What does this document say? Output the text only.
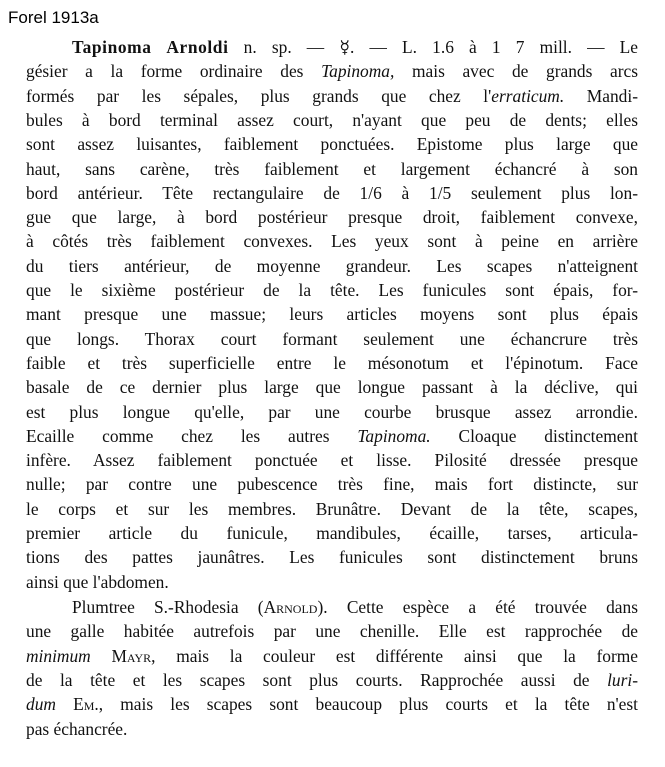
Forel 1913a
Tapinoma Arnoldi n. sp. — ☿. — L. 1.6 à 1 7 mill. — Le
gésier a la forme ordinaire des Tapinoma, mais avec de grands arcs
formés par les sépales, plus grands que chez l'erraticum. Mandi-
bules à bord terminal assez court, n'ayant que peu de dents; elles
sont assez luisantes, faiblement ponctuées. Epistome plus large que
haut, sans carène, très faiblement et largement échancré à son
bord antérieur. Tête rectangulaire de 1/6 à 1/5 seulement plus lon-
gue que large, à bord postérieur presque droit, faiblement convexe,
à côtés très faiblement convexes. Les yeux sont à peine en arrière
du tiers antérieur, de moyenne grandeur. Les scapes n'atteignent
que le sixième postérieur de la tête. Les funicules sont épais, for-
mant presque une massue; leurs articles moyens sont plus épais
que longs. Thorax court formant seulement une échancrure très
faible et très superficielle entre le mésonotum et l'épinotum. Face
basale de ce dernier plus large que longue passant à la déclive, qui
est plus longue qu'elle, par une courbe brusque assez arrondie.
Ecaille comme chez les autres Tapinoma. Cloaque distinctement
infère. Assez faiblement ponctuée et lisse. Pilosité dressée presque
nulle; par contre une pubescence très fine, mais fort distincte, sur
le corps et sur les membres. Brunâtre. Devant de la tête, scapes,
premier article du funicule, mandibules, écaille, tarses, articula-
tions des pattes jaunâtres. Les funicules sont distinctement bruns
ainsi que l'abdomen.
Plumtree S.-Rhodesia (Arnold). Cette espèce a été trouvée dans
une galle habitée autrefois par une chenille. Elle est rapprochée de
minimum Mayr, mais la couleur est différente ainsi que la forme
de la tête et les scapes sont plus courts. Rapprochée aussi de luri-
dum Em., mais les scapes sont beaucoup plus courts et la tête n'est
pas échancrée.
